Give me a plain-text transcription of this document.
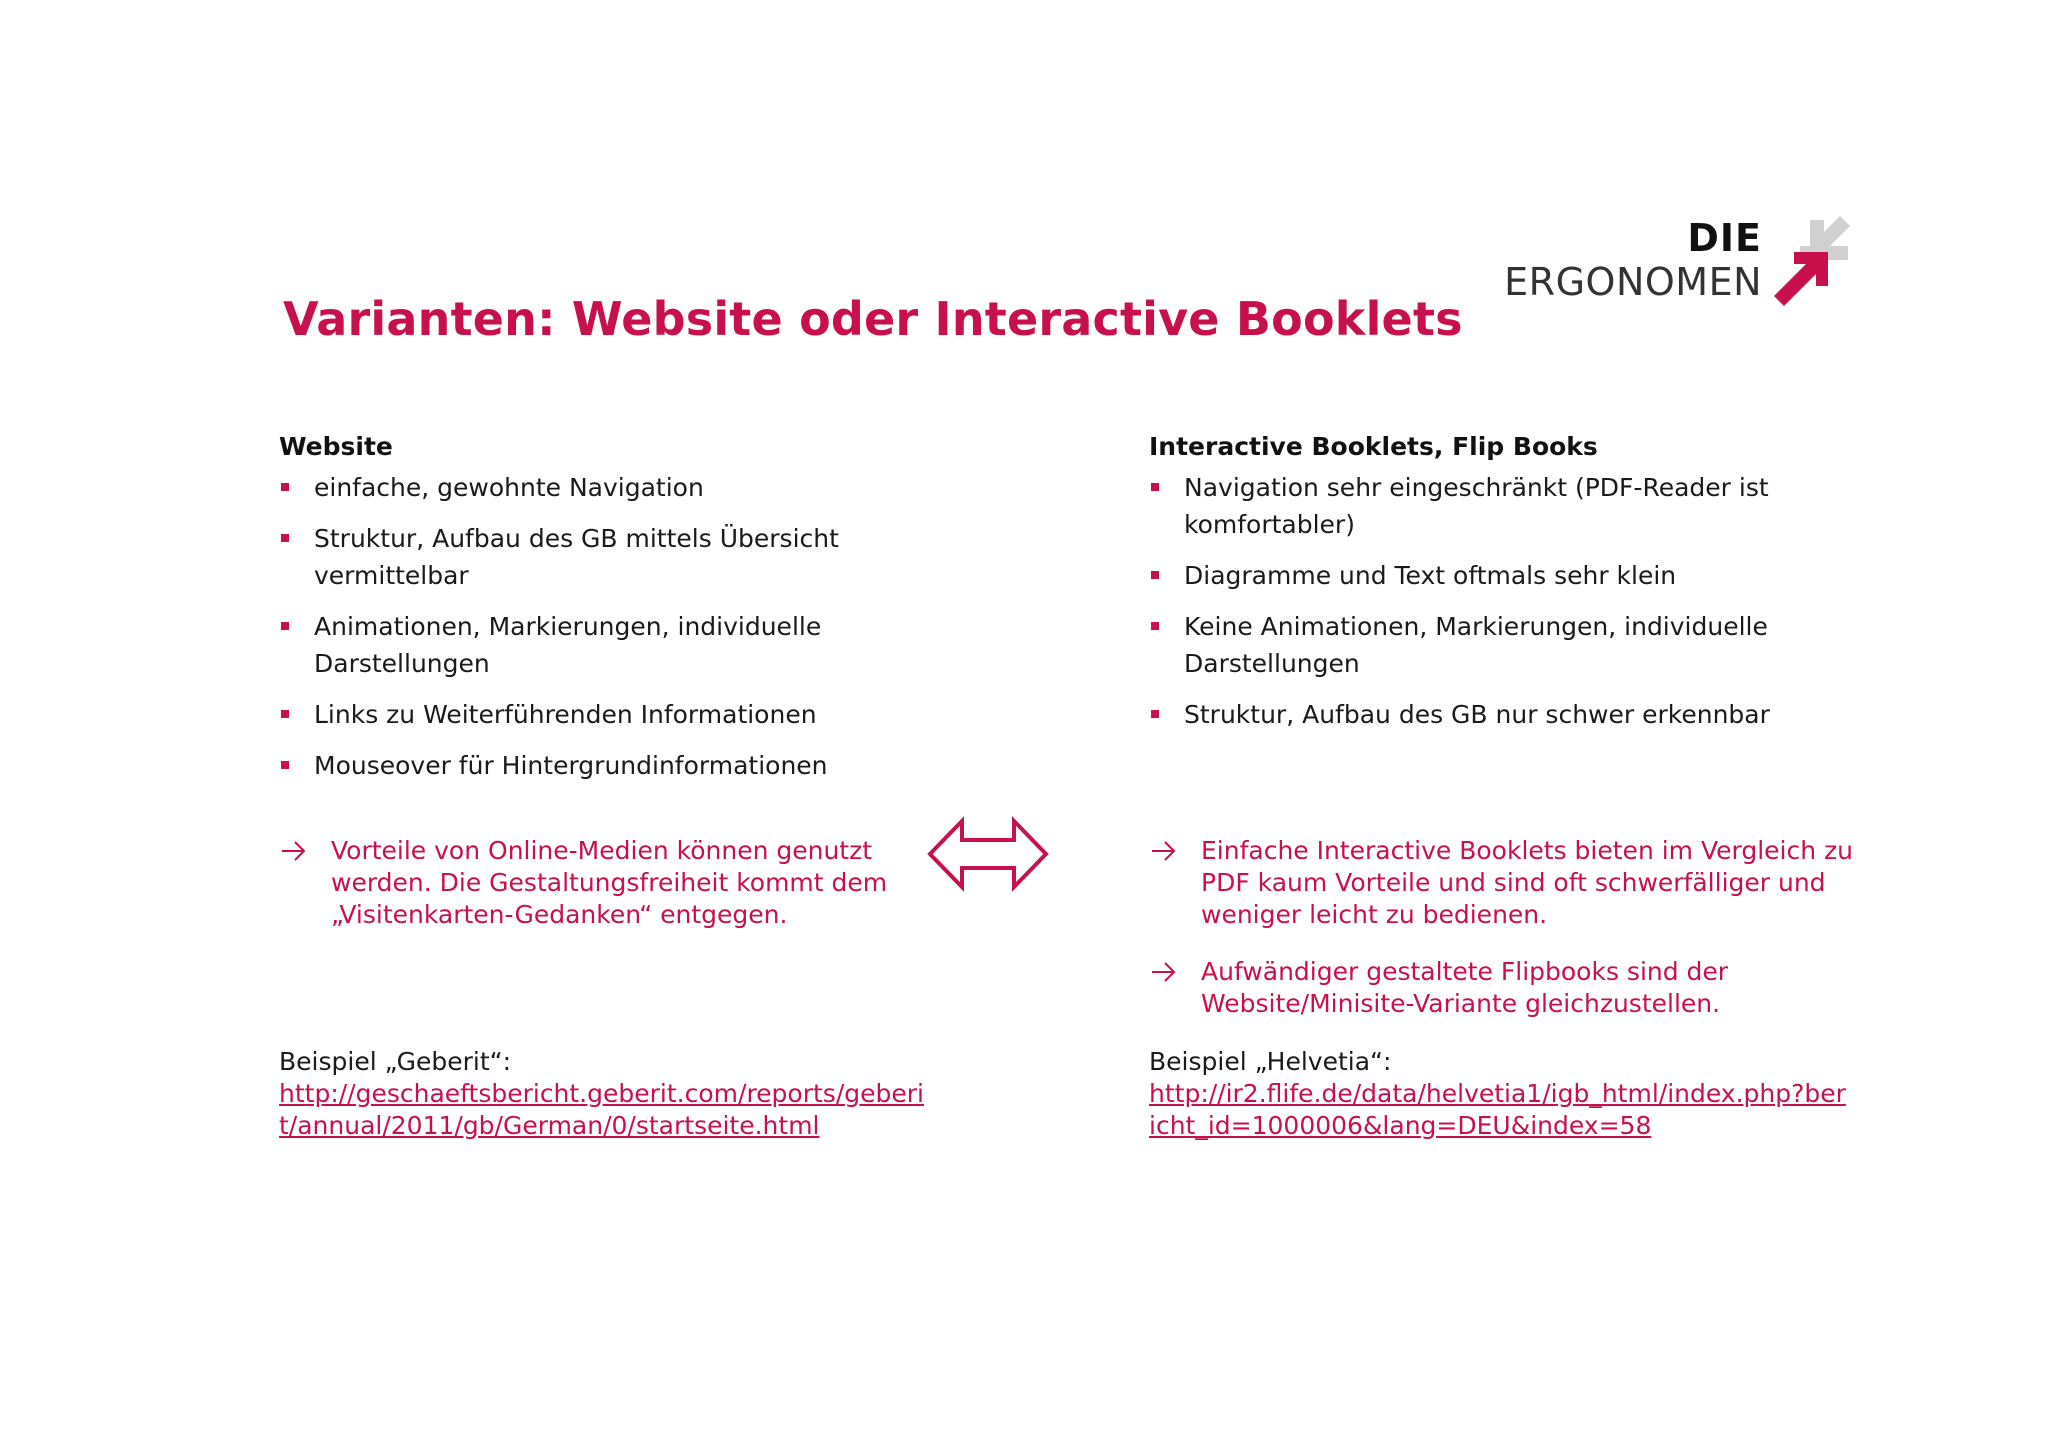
Varianten: Website oder Interactive Booklets
DIE
ERGONOMEN
Website
einfache, gewohnte Navigation
Struktur, Aufbau des GB mittels Übersicht vermittelbar
Animationen, Markierungen, individuelle Darstellungen
Links zu Weiterführenden Informationen
Mouseover für Hintergrundinformationen
Interactive Booklets, Flip Books
Navigation sehr eingeschränkt (PDF-Reader ist komfortabler)
Diagramme und Text oftmals sehr klein
Keine Animationen, Markierungen, individuelle Darstellungen
Struktur, Aufbau des GB nur schwer erkennbar
Vorteile von Online-Medien können genutzt werden. Die Gestaltungsfreiheit kommt dem „Visitenkarten-Gedanken“ entgegen.
Einfache Interactive Booklets bieten im Vergleich zu PDF kaum Vorteile und sind oft schwerfälliger und weniger leicht zu bedienen.
Aufwändiger gestaltete Flipbooks sind der Website/Minisite-Variante gleichzustellen.
Beispiel „Geberit“:
http://geschaeftsbericht.geberit.com/reports/geberit/annual/2011/gb/German/0/startseite.html
Beispiel „Helvetia“:
http://ir2.flife.de/data/helvetia1/igb_html/index.php?bericht_id=1000006&lang=DEU&index=58
